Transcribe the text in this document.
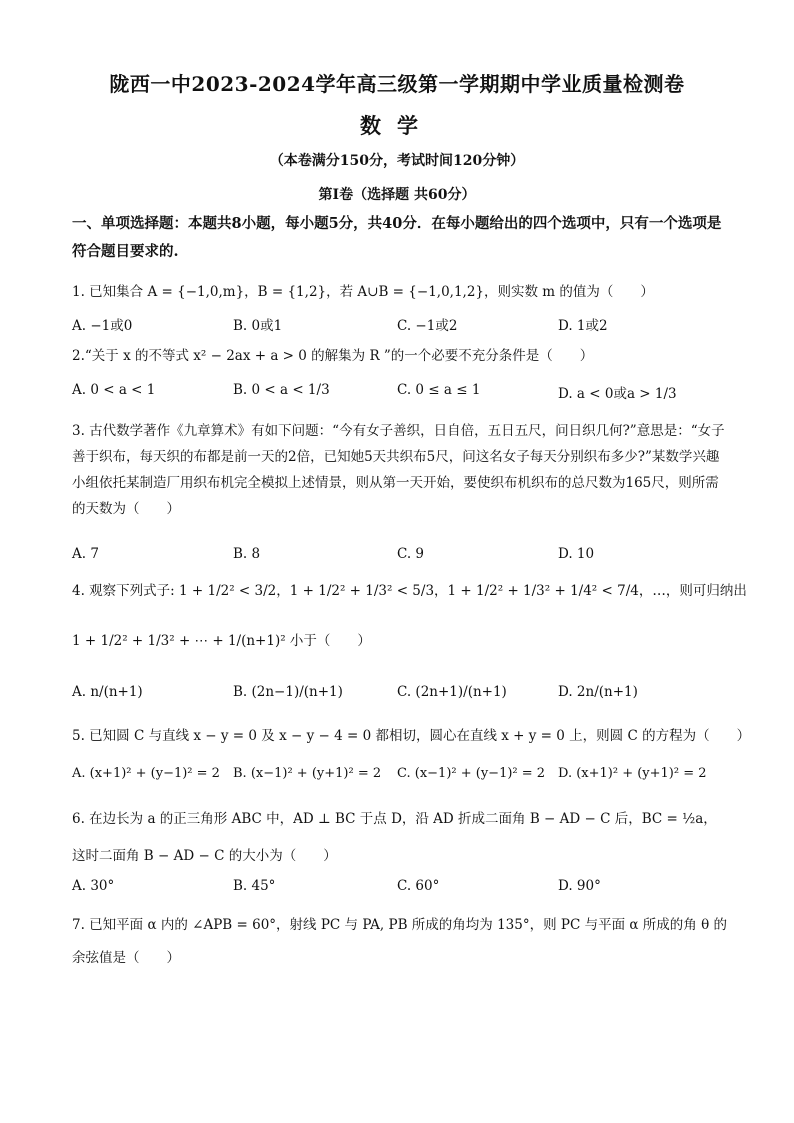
陇西一中2023-2024学年高三级第一学期期中学业质量检测卷
数学
（本卷满分150分，考试时间120分钟）
第Ⅰ卷（选择题 共60分）
一、单项选择题：本题共8小题，每小题5分，共40分．在每小题给出的四个选项中，只有一个选项是符合题目要求的.
1. 已知集合 A = {−1,0,m}，B = {1,2}，若 A∪B = {−1,0,1,2}，则实数 m 的值为（　　）
A. −1或0	B. 0或1	C. −1或2	D. 1或2
2.“关于 x 的不等式 x² − 2ax + a > 0 的解集为 R ”的一个必要不充分条件是（　　）
A. 0 < a < 1	B. 0 < a < 1/3	C. 0 ≤ a ≤ 1	D. a < 0或a > 1/3
3. 古代数学著作《九章算术》有如下问题：“今有女子善织，日自倍，五日五尺，问日织几何?”意思是：“女子善于织布，每天织的布都是前一天的2倍，已知她5天共织布5尺，问这名女子每天分别织布多少?”某数学兴趣小组依托某制造厂用织布机完全模拟上述情景，则从第一天开始，要使织布机织布的总尺数为165尺，则所需的天数为（　　）
A. 7	B. 8	C. 9	D. 10
4. 观察下列式子: 1 + 1/2² < 3/2，1 + 1/2² + 1/3² < 5/3，1 + 1/2² + 1/3² + 1/4² < 7/4，…，则可归纳出
1 + 1/2² + 1/3² + ⋯ + 1/(n+1)² 小于（　　）
A. n/(n+1)	B. (2n−1)/(n+1)	C. (2n+1)/(n+1)	D. 2n/(n+1)
5. 已知圆 C 与直线 x − y = 0 及 x − y − 4 = 0 都相切，圆心在直线 x + y = 0 上，则圆 C 的方程为（　　）
A. (x+1)² + (y−1)² = 2 B. (x−1)² + (y+1)² = 2 C. (x−1)² + (y−1)² = 2 D. (x+1)² + (y+1)² = 2
6. 在边长为 a 的正三角形 ABC 中，AD ⊥ BC 于点 D，沿 AD 折成二面角 B − AD − C 后，BC = ½a，
这时二面角 B − AD − C 的大小为（　　）
A. 30°	B. 45°	C. 60°	D. 90°
7. 已知平面 α 内的 ∠APB = 60°，射线 PC 与 PA, PB 所成的角均为 135°，则 PC 与平面 α 所成的角 θ 的
余弦值是（　　）
